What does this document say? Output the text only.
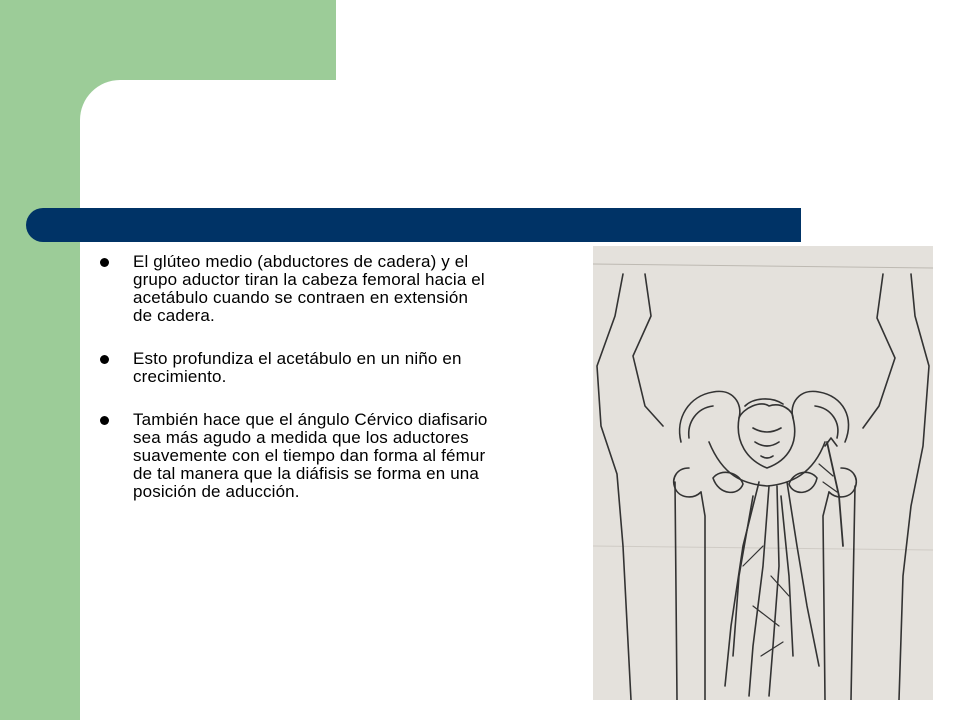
El glúteo medio (abductores de cadera) y el grupo aductor tiran la cabeza femoral hacia el acetábulo cuando se contraen en extensión de cadera.
Esto profundiza el acetábulo en un niño en crecimiento.
También hace que el ángulo Cérvico diafisario sea más agudo a medida que los aductores suavemente con el tiempo dan forma al fémur de tal manera que la diáfisis se forma en una posición de aducción.
